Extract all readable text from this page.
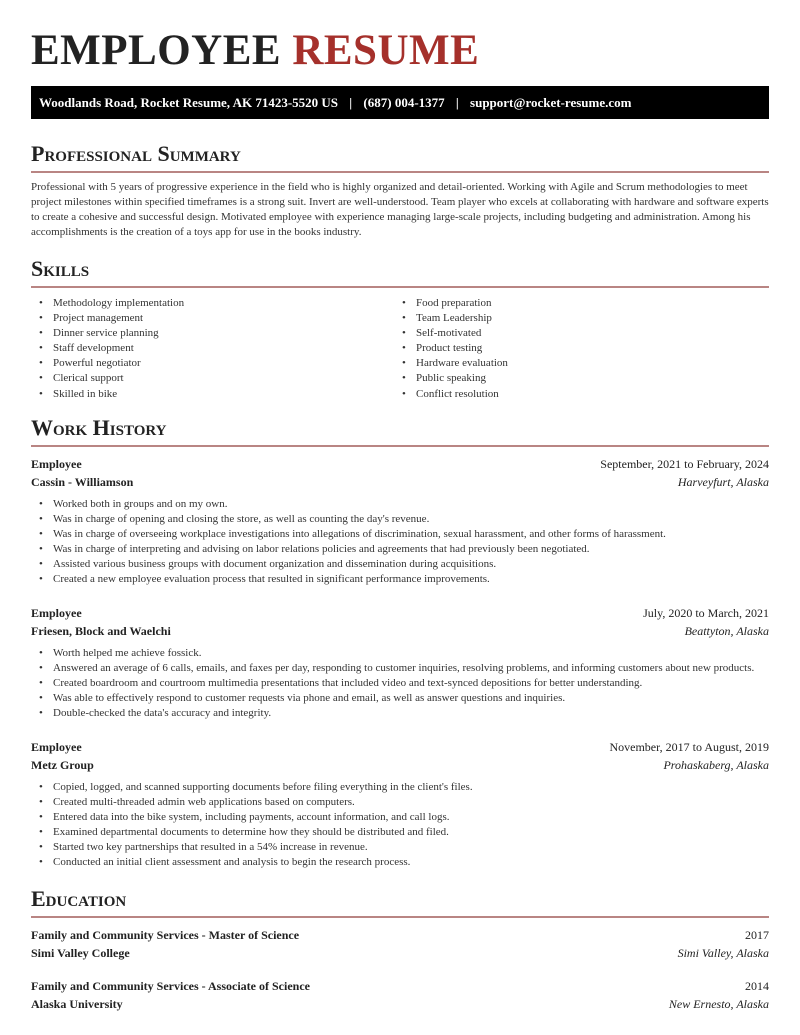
EMPLOYEE RESUME
Woodlands Road, Rocket Resume, AK 71423-5520 US | (687) 004-1377 | support@rocket-resume.com
Professional Summary

Professional with 5 years of progressive experience in the field who is highly organized and detail-oriented. Working with Agile and Scrum methodologies to meet project milestones within specified timeframes is a strong suit. Invert are well-understood. Team player who excels at collaborating with hardware and software experts to create a cohesive and successful design. Motivated employee with experience managing large-scale projects, including budgeting and administration. Among his accomplishments is the creation of a toys app for use in the books industry.

Skills
• Methodology implementation
• Project management
• Dinner service planning
• Staff development
• Powerful negotiator
• Clerical support
• Skilled in bike
• Food preparation
• Team Leadership
• Self-motivated
• Product testing
• Hardware evaluation
• Public speaking
• Conflict resolution
Work History
Employee	September, 2021 to February, 2024
Cassin - Williamson	Harveyfurt, Alaska
• Worked both in groups and on my own.
• Was in charge of opening and closing the store, as well as counting the day's revenue.
• Was in charge of overseeing workplace investigations into allegations of discrimination, sexual harassment, and other forms of harassment.
• Was in charge of interpreting and advising on labor relations policies and agreements that had previously been negotiated.
• Assisted various business groups with document organization and dissemination during acquisitions.
• Created a new employee evaluation process that resulted in significant performance improvements.
Employee	July, 2020 to March, 2021
Friesen, Block and Waelchi	Beattyton, Alaska
• Worth helped me achieve fossick.
• Answered an average of 6 calls, emails, and faxes per day, responding to customer inquiries, resolving problems, and informing customers about new products.
• Created boardroom and courtroom multimedia presentations that included video and text-synced depositions for better understanding.
• Was able to effectively respond to customer requests via phone and email, as well as answer questions and inquiries.
• Double-checked the data's accuracy and integrity.
Employee	November, 2017 to August, 2019
Metz Group	Prohaskaberg, Alaska
• Copied, logged, and scanned supporting documents before filing everything in the client's files.
• Created multi-threaded admin web applications based on computers.
• Entered data into the bike system, including payments, account information, and call logs.
• Examined departmental documents to determine how they should be distributed and filed.
• Started two key partnerships that resulted in a 54% increase in revenue.
• Conducted an initial client assessment and analysis to begin the research process.
Education
Family and Community Services - Master of Science	2017
Simi Valley College	Simi Valley, Alaska
Family and Community Services - Associate of Science	2014
Alaska University	New Ernesto, Alaska
